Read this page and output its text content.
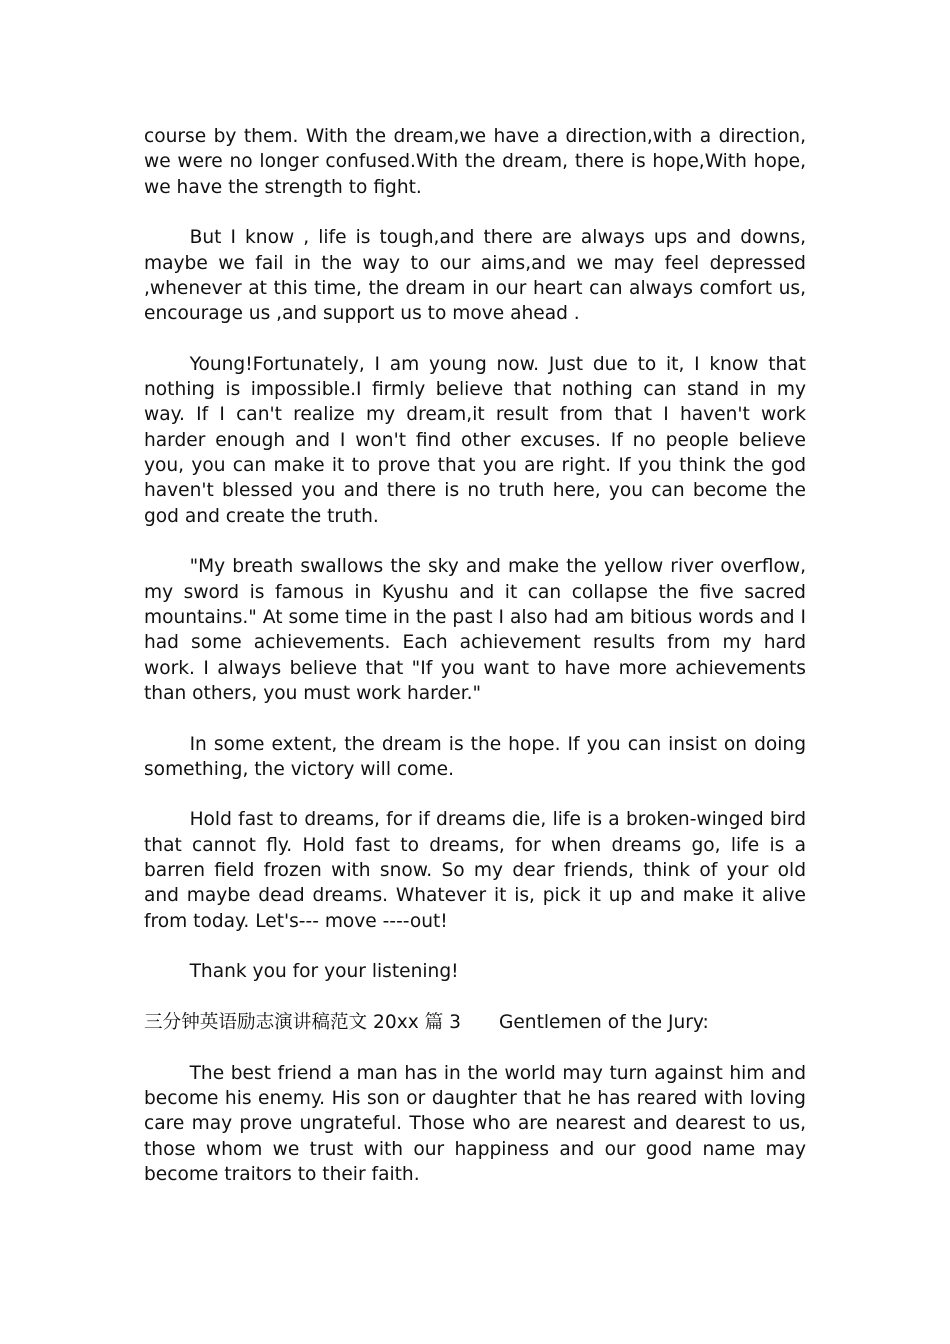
course by them. With the dream,we have a direction,with a direction, we were no longer confused.With the dream, there is hope,With hope, we have the strength to fight.

But I know , life is tough,and there are always ups and downs, maybe we fail in the way to our aims,and we may feel depressed ,whenever at this time, the dream in our heart can always comfort us, encourage us ,and support us to move ahead .

Young!Fortunately, I am young now. Just due to it, I know that nothing is impossible.I firmly believe that nothing can stand in my way. If I can't realize my dream,it result from that I haven't work harder enough and I won't find other excuses. If no people believe you, you can make it to prove that you are right. If you think the god haven't blessed you and there is no truth here, you can become the god and create the truth.

"My breath swallows the sky and make the yellow river overflow, my sword is famous in Kyushu and it can collapse the five sacred mountains." At some time in the past I also had am bitious words and I had some achievements. Each achievement results from my hard work. I always believe that "If you want to have more achievements than others, you must work harder."

In some extent, the dream is the hope. If you can insist on doing something, the victory will come.

Hold fast to dreams, for if dreams die, life is a broken-winged bird that cannot fly. Hold fast to dreams, for when dreams go, life is a barren field frozen with snow. So my dear friends, think of your old and maybe dead dreams. Whatever it is, pick it up and make it alive from today. Let's--- move ----out!

Thank you for your listening!

三分钟英语励志演讲稿范文 20xx 篇 3 Gentlemen of the Jury:

The best friend a man has in the world may turn against him and become his enemy. His son or daughter that he has reared with loving care may prove ungrateful. Those who are nearest and dearest to us, those whom we trust with our happiness and our good name may become traitors to their faith.
